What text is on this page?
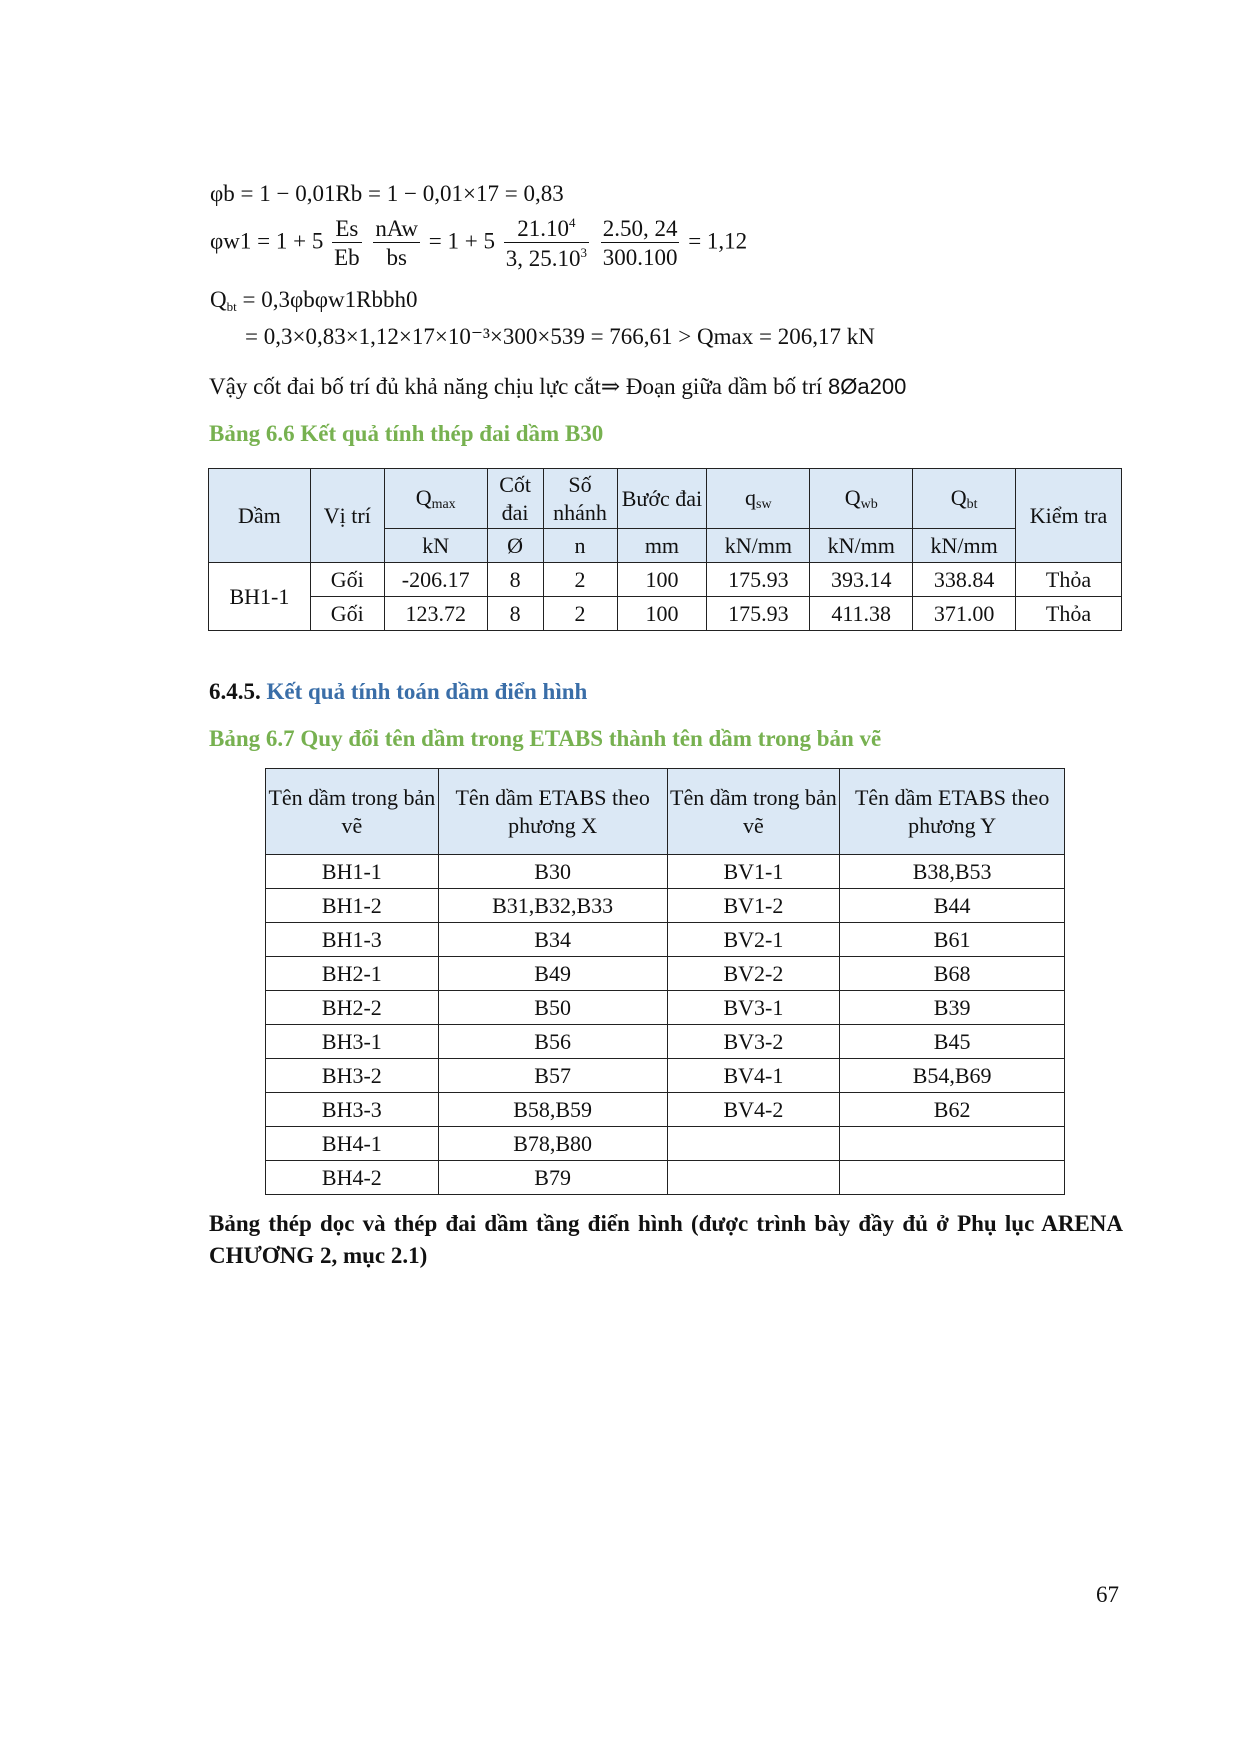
φb = 1 − 0,01Rb = 1 − 0,01×17 = 0,83
$\varphi w1 = 1 + 5 \frac{Es}{Eb}$
$\frac{\text{nAw}}{bs} = 1 + 5 \frac{21.10^4}{3, 25.10^3}$
$\frac{2.50, 24}{300.100} = 1,12$
$Q_{bt}$ = 0,3φbφw1Rbbh0
= 0,3×0,83×1,12×17×10⁻³×300×539 = 766,61 > Qmax = 206,17 kN
Vậy cốt đai bố trí đủ khả năng chịu lực cắt⇒ Đoạn giữa dầm bố trí 8Øa200
Bảng 6.6 Kết quả tính thép đai dầm B30
Dầm	Vị trí	$Q_{max}$	Cốt đai	Số nhánh	Bước đai	$q_{sw}$	$Q_{wb}$	$Q_{bt}$	Kiểm tra
		kN	Ø	n	mm	kN/mm	kN/mm	kN/mm	
BH1-1	Gối	-206.17	8	2	100	175.93	393.14	338.84	Thỏa
	Gối	123.72	8	2	100	175.93	411.38	371.00	Thỏa
6.4.5. Kết quả tính toán dầm điển hình
Bảng 6.7 Quy đổi tên dầm trong ETABS thành tên dầm trong bản vẽ
Tên dầm trong bản vẽ	Tên dầm ETABS theo phương X	Tên dầm trong bản vẽ	Tên dầm ETABS theo phương Y
BH1-1	B30	BV1-1	B38,B53
BH1-2	B31,B32,B33	BV1-2	B44
BH1-3	B34	BV2-1	B61
BH2-1	B49	BV2-2	B68
BH2-2	B50	BV3-1	B39
BH3-1	B56	BV3-2	B45
BH3-2	B57	BV4-1	B54,B69
BH3-3	B58,B59	BV4-2	B62
BH4-1	B78,B80		
BH4-2	B79		
Bảng thép dọc và thép đai dầm tầng điển hình (được trình bày đầy đủ ở Phụ lục ARENA CHƯƠNG 2, mục 2.1)
67
